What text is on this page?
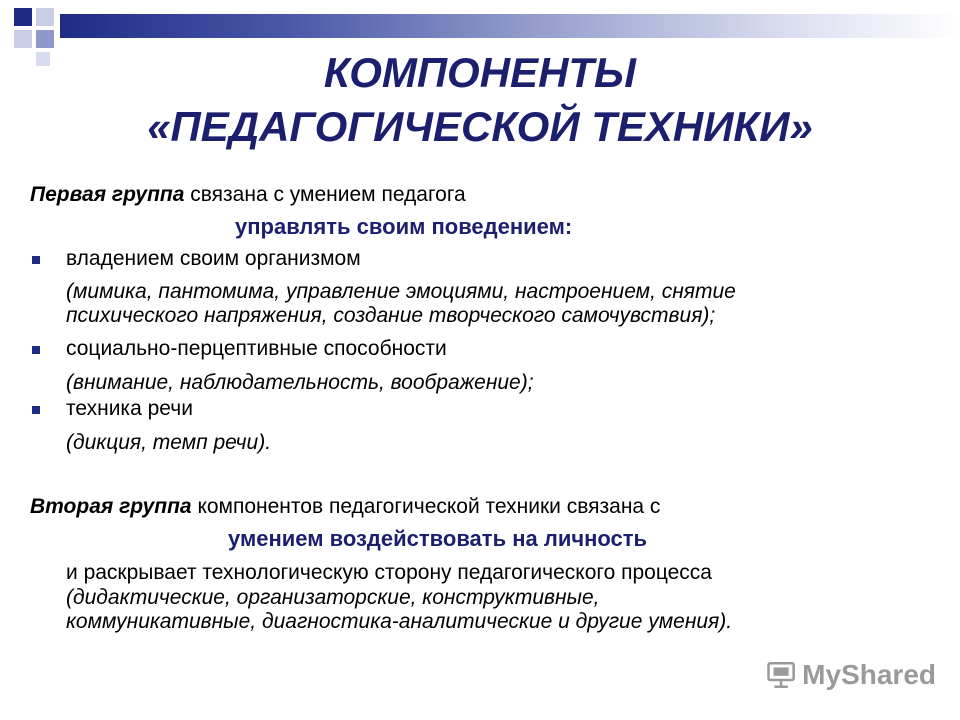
КОМПОНЕНТЫ
«ПЕДАГОГИЧЕСКОЙ ТЕХНИКИ»
Первая группа связана с умением педагога
управлять своим поведением:
владением своим организмом
(мимика, пантомима, управление эмоциями, настроением, снятие
психического напряжения, создание творческого самочувствия);
социально-перцептивные способности
(внимание, наблюдательность, воображение);
техника речи
(дикция, темп речи).
Вторая группа компонентов педагогической техники связана с
умением воздействовать на личность
и раскрывает технологическую сторону педагогического процесса
(дидактические, организаторские, конструктивные,
коммуникативные, диагностика-аналитические и другие умения).
MyShared
